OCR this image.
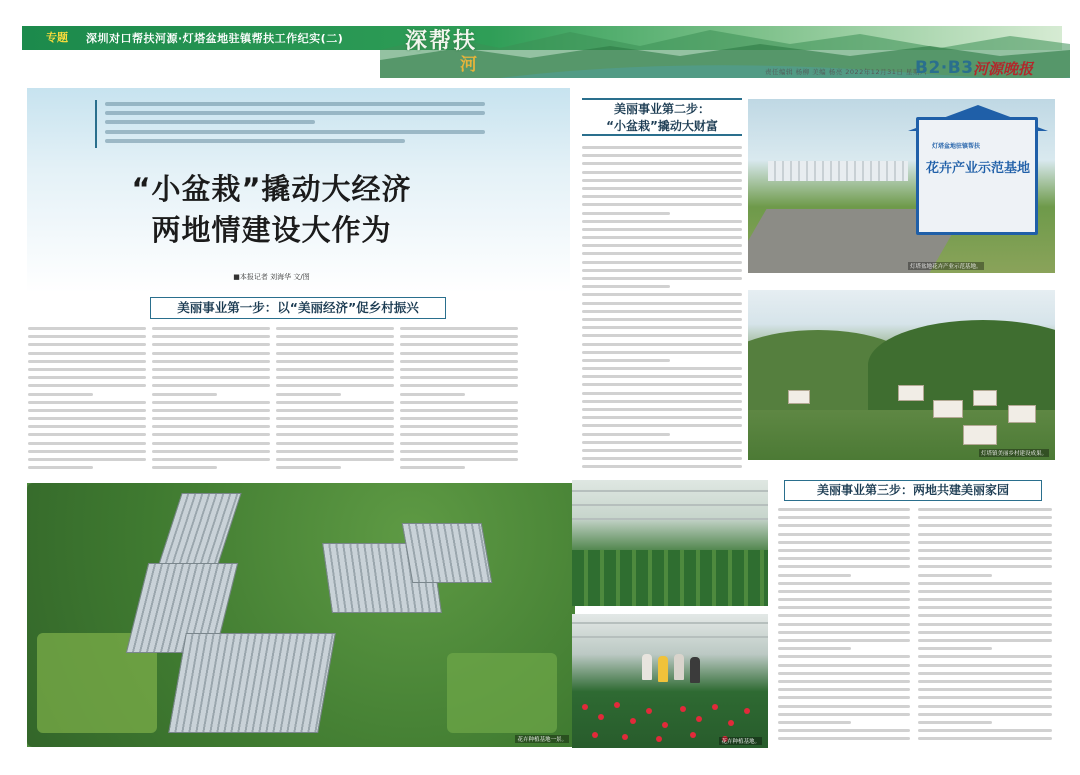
专题 深圳对口帮扶河源·灯塔盆地驻镇帮扶工作纪实(二)	深帮扶
河	责任编辑 杨柳 美编 杨亮 2022年12月31日 星期六
B2·B3 河源晚报
“小盆栽”撬动大经济
两地情建设大作为
■本报记者 刘海华 文/图
美丽事业第一步：以“美丽经济”促乡村振兴
花卉种植基地一景。
美丽事业第二步：
“小盆栽”撬动大财富
灯塔盆地驻镇帮扶
花卉产业示范基地
灯塔盆地花卉产业示范基地。
灯塔镇美丽乡村建设成果。
美丽事业第三步：两地共建美丽家园
花卉种植基地。
